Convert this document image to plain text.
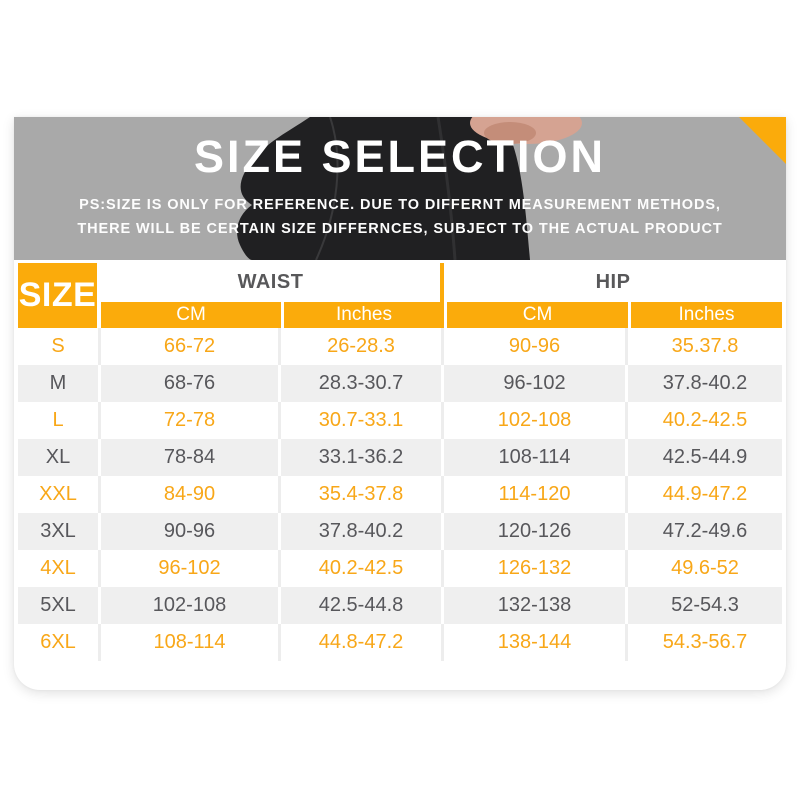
SIZE SELECTION

PS:SIZE IS ONLY FOR REFERENCE. DUE TO DIFFERNT MEASUREMENT METHODS,

THERE WILL BE CERTAIN SIZE DIFFERNCES, SUBJECT TO THE ACTUAL PRODUCT

SIZE	WAIST		HIP	
	CM	Inches	CM	Inches
S	66-72	26-28.3	90-96	35.37.8
M	68-76	28.3-30.7	96-102	37.8-40.2
L	72-78	30.7-33.1	102-108	40.2-42.5
XL	78-84	33.1-36.2	108-114	42.5-44.9
XXL	84-90	35.4-37.8	114-120	44.9-47.2
3XL	90-96	37.8-40.2	120-126	47.2-49.6
4XL	96-102	40.2-42.5	126-132	49.6-52
5XL	102-108	42.5-44.8	132-138	52-54.3
6XL	108-114	44.8-47.2	138-144	54.3-56.7
